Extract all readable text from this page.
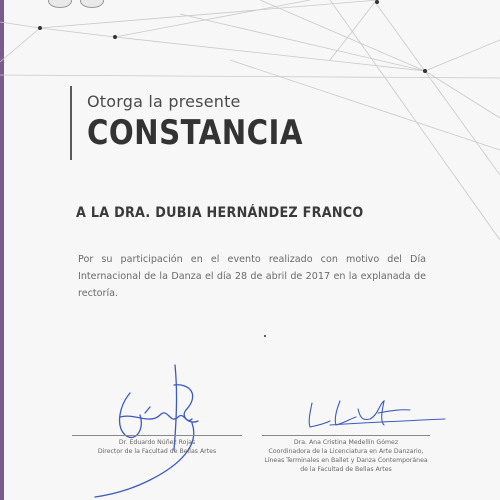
Otorga la presente
CONSTANCIA
A LA DRA. DUBIA HERNÁNDEZ FRANCO
Por su participación en el evento realizado con motivo del Día Internacional de la Danza el día 28 de abril de 2017 en la explanada de rectoría.
Dr. Eduardo Núñez Rojas
Director de la Facultad de Bellas Artes
Dra. Ana Cristina Medellín Gómez
Coordinadora de la Licenciatura en Arte Danzario,
Líneas Terminales en Ballet y Danza Contemporánea
de la Facultad de Bellas Artes
